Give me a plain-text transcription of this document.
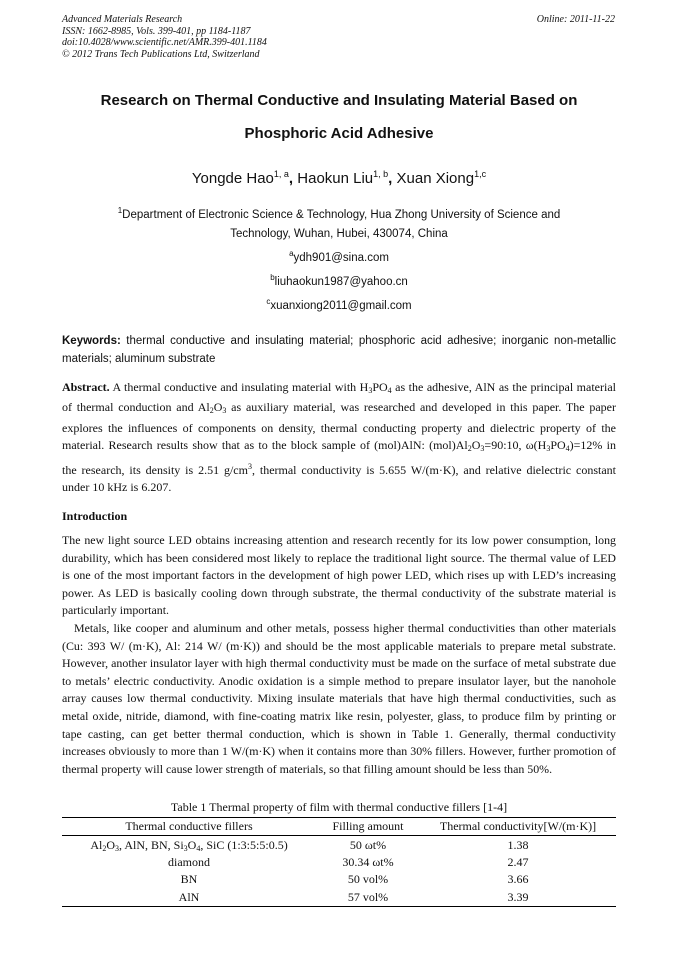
Advanced Materials Research
ISSN: 1662-8985, Vols. 399-401, pp 1184-1187
doi:10.4028/www.scientific.net/AMR.399-401.1184
© 2012 Trans Tech Publications Ltd, Switzerland
Online: 2011-11-22
Research on Thermal Conductive and Insulating Material Based on
Phosphoric Acid Adhesive
Yongde Hao$^{1, a}$, Haokun Liu$^{1, b}$, Xuan Xiong$^{1,c}$
$^1$Department of Electronic Science & Technology, Hua Zhong University of Science and
Technology, Wuhan, Hubei, 430074, China
$^a$ydh901@sina.com
$^b$liuhaokun1987@yahoo.cn
$^c$xuanxiong2011@gmail.com
Keywords: thermal conductive and insulating material; phosphoric acid adhesive; inorganic non-metallic materials; aluminum substrate
Abstract. A thermal conductive and insulating material with $H_3PO_4$ as the adhesive, AlN as the principal material of thermal conduction and $Al_2O_3$ as auxiliary material, was researched and developed in this paper. The paper explores the influences of components on density, thermal conducting property and dielectric property of the material. Research results show that as to the block sample of (mol)AlN: $(mol)Al_2O_3=90:10$, $\omega(H_3PO_4)=12\%$ in the research, its density is 2.51 $g/cm^3$, thermal conductivity is 5.655 W/(m·K), and relative dielectric constant under 10 kHz is 6.207.
Introduction

The new light source LED obtains increasing attention and research recently for its low power consumption, long durability, which has been considered most likely to replace the traditional light source. The thermal value of LED is one of the most important factors in the development of high power LED, which rises up with LED’s increasing power. As LED is basically cooling down through substrate, the thermal conductivity of the substrate material is particularly important.

Metals, like cooper and aluminum and other metals, possess higher thermal conductivities than other materials (Cu: 393 W/ (m·K), Al: 214 W/ (m·K)) and should be the most applicable materials to prepare metal substrate. However, another insulator layer with high thermal conductivity must be made on the surface of metal substrate due to metals’ electric conductivity. Anodic oxidation is a simple method to prepare insulator layer, but the nanohole array causes low thermal conductivity. Mixing insulate materials that have high thermal conductivities, such as metal oxide, nitride, diamond, with fine-coating matrix like resin, polyester, glass, to produce film by printing or tape casting, can get better thermal conduction, which is shown in Table 1. Generally, thermal conductivity increases obviously to more than 1 W/(m·K) when it contains more than 30% fillers. However, further promotion of thermal property will cause lower strength of materials, so that filling amount should be less than 50%.

Table 1 Thermal property of film with thermal conductive fillers [1-4]
Thermal conductive fillers	Filling amount	Thermal conductivity[W/(m·K)]
$Al_2O_3$, AlN, BN, $Si_3O_4$, SiC (1:3:5:5:0.5)	50 ωt%	1.38
diamond	30.34 ωt%	2.47
BN	50 vol%	3.66
AlN	57 vol%	3.39
